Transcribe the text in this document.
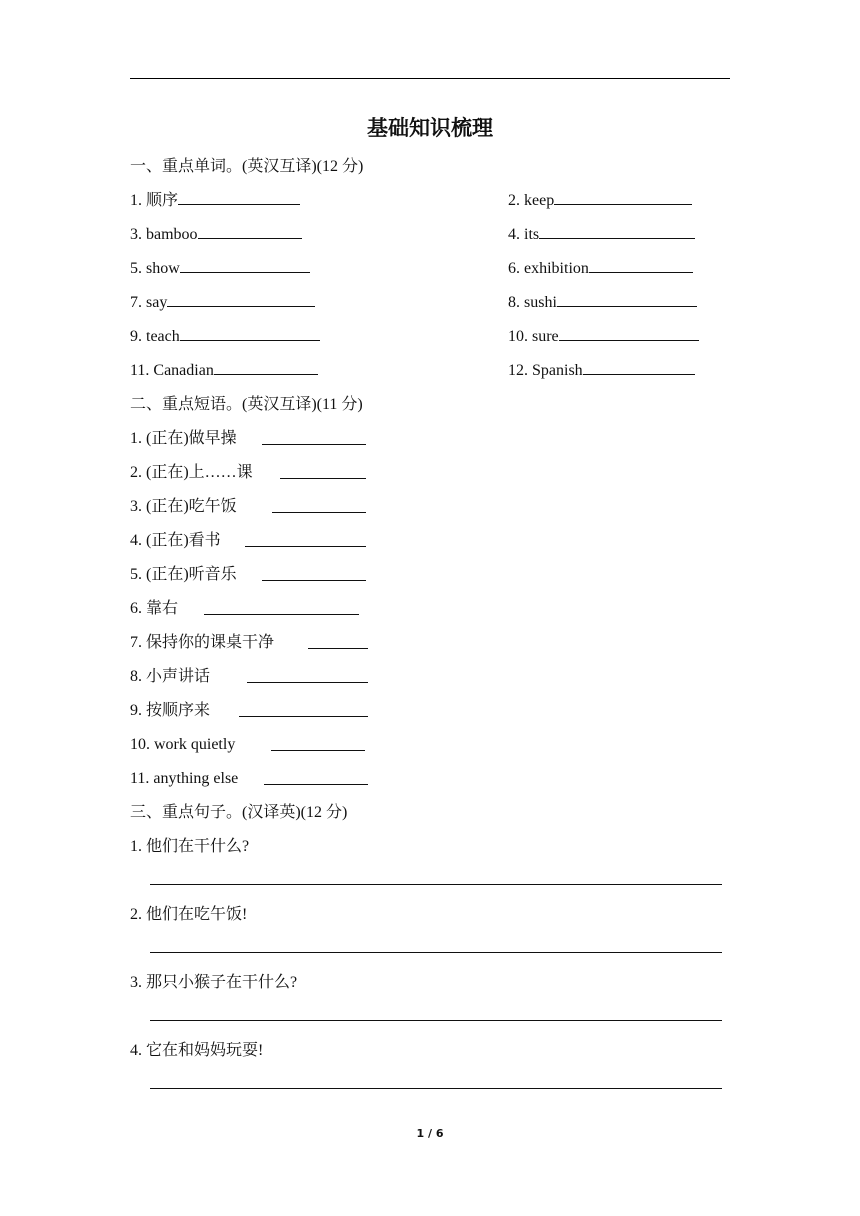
基础知识梳理
一、重点单词。(英汉互译)(12 分)
1. 顺序
3. bamboo
5. show
7. say
9. teach
11. Canadian
2. keep
4. its
6. exhibition
8. sushi
10. sure
12. Spanish
二、重点短语。(英汉互译)(11 分)
1. (正在)做早操
2. (正在)上……课
3. (正在)吃午饭
4. (正在)看书
5. (正在)听音乐
6. 靠右
7. 保持你的课桌干净
8. 小声讲话
9. 按顺序来
10. work quietly
11. anything else
三、重点句子。(汉译英)(12 分)
1. 他们在干什么?
2. 他们在吃午饭!
3. 那只小猴子在干什么?
4. 它在和妈妈玩耍!
1 / 6
